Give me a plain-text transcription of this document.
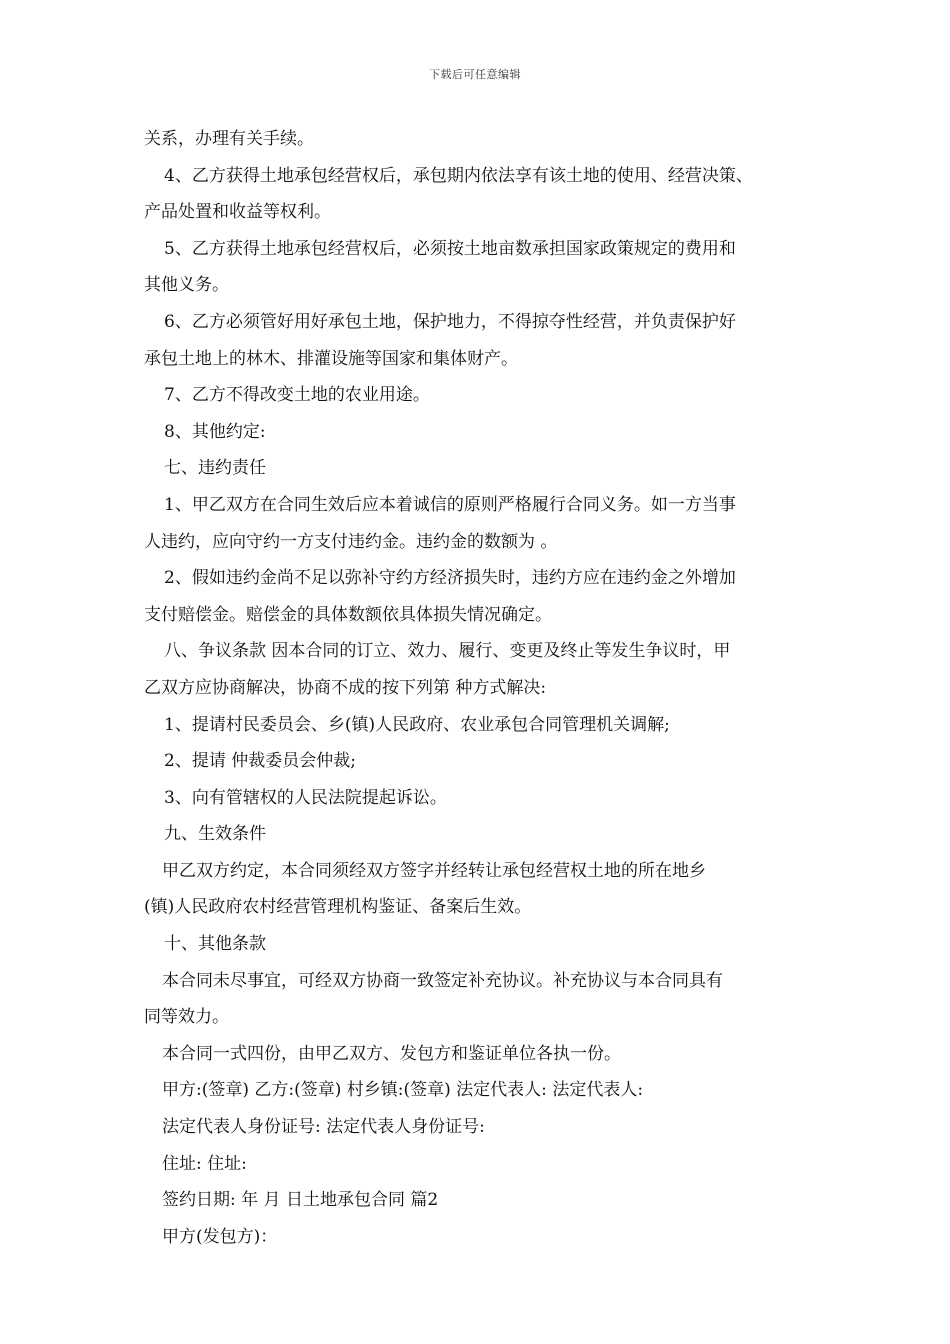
下载后可任意编辑
关系，办理有关手续。
4、乙方获得土地承包经营权后，承包期内依法享有该土地的使用、经营决策、
产品处置和收益等权利。
5、乙方获得土地承包经营权后，必须按土地亩数承担国家政策规定的费用和
其他义务。
6、乙方必须管好用好承包土地，保护地力，不得掠夺性经营，并负责保护好
承包土地上的林木、排灌设施等国家和集体财产。
7、乙方不得改变土地的农业用途。
8、其他约定:
七、违约责任
1、甲乙双方在合同生效后应本着诚信的原则严格履行合同义务。如一方当事
人违约，应向守约一方支付违约金。违约金的数额为 。
2、假如违约金尚不足以弥补守约方经济损失时，违约方应在违约金之外增加
支付赔偿金。赔偿金的具体数额依具体损失情况确定。
八、争议条款 因本合同的订立、效力、履行、变更及终止等发生争议时，甲
乙双方应协商解决，协商不成的按下列第 种方式解决:
1、提请村民委员会、乡(镇)人民政府、农业承包合同管理机关调解;
2、提请 仲裁委员会仲裁;
3、向有管辖权的人民法院提起诉讼。
九、生效条件
甲乙双方约定，本合同须经双方签字并经转让承包经营权土地的所在地乡
(镇)人民政府农村经营管理机构鉴证、备案后生效。
十、其他条款
本合同未尽事宜，可经双方协商一致签定补充协议。补充协议与本合同具有
同等效力。
本合同一式四份，由甲乙双方、发包方和鉴证单位各执一份。
甲方:(签章) 乙方:(签章) 村乡镇:(签章) 法定代表人: 法定代表人:
法定代表人身份证号: 法定代表人身份证号:
住址: 住址:
签约日期: 年 月 日土地承包合同 篇2
甲方(发包方)：
